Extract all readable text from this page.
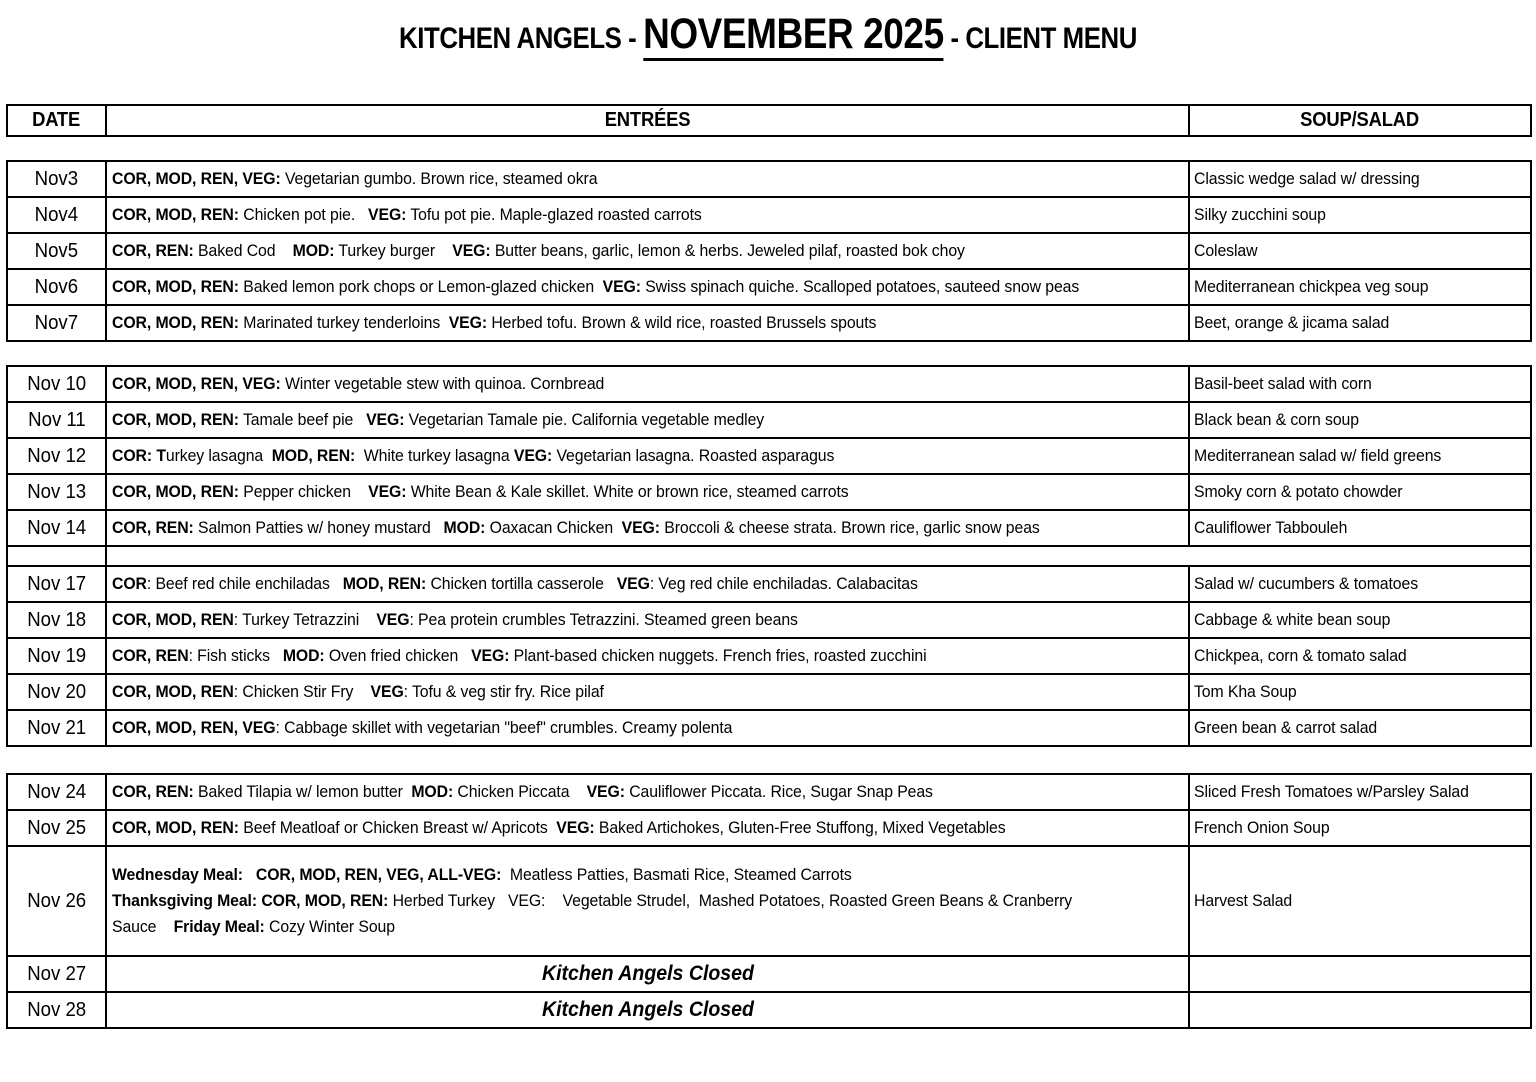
KITCHEN ANGELS - NOVEMBER 2025 - CLIENT MENU
DATE	ENTRÉES	SOUP/SALAD
Nov3	COR, MOD, REN, VEG: Vegetarian gumbo. Brown rice, steamed okra	Classic wedge salad w/ dressing
Nov4	COR, MOD, REN: Chicken pot pie.   VEG: Tofu pot pie. Maple-glazed roasted carrots	Silky zucchini soup
Nov5	COR, REN: Baked Cod    MOD: Turkey burger    VEG: Butter beans, garlic, lemon & herbs. Jeweled pilaf, roasted bok choy	Coleslaw
Nov6	COR, MOD, REN: Baked lemon pork chops or Lemon-glazed chicken  VEG: Swiss spinach quiche. Scalloped potatoes, sauteed snow peas	Mediterranean chickpea veg soup
Nov7	COR, MOD, REN: Marinated turkey tenderloins  VEG: Herbed tofu. Brown & wild rice, roasted Brussels spouts	Beet, orange & jicama salad
Nov 10	COR, MOD, REN, VEG: Winter vegetable stew with quinoa. Cornbread	Basil-beet salad with corn
Nov 11	COR, MOD, REN: Tamale beef pie   VEG: Vegetarian Tamale pie. California vegetable medley	Black bean & corn soup
Nov 12	COR: Turkey lasagna  MOD, REN:  White turkey lasagna VEG: Vegetarian lasagna. Roasted asparagus	Mediterranean salad w/ field greens
Nov 13	COR, MOD, REN: Pepper chicken    VEG: White Bean & Kale skillet. White or brown rice, steamed carrots	Smoky corn & potato chowder
Nov 14	COR, REN: Salmon Patties w/ honey mustard   MOD: Oaxacan Chicken  VEG: Broccoli & cheese strata. Brown rice, garlic snow peas	Cauliflower Tabbouleh

Nov 17	COR: Beef red chile enchiladas   MOD, REN: Chicken tortilla casserole   VEG: Veg red chile enchiladas. Calabacitas	Salad w/ cucumbers & tomatoes
Nov 18	COR, MOD, REN: Turkey Tetrazzini    VEG: Pea protein crumbles Tetrazzini. Steamed green beans	Cabbage & white bean soup
Nov 19	COR, REN: Fish sticks   MOD: Oven fried chicken   VEG: Plant-based chicken nuggets. French fries, roasted zucchini	Chickpea, corn & tomato salad
Nov 20	COR, MOD, REN: Chicken Stir Fry    VEG: Tofu & veg stir fry. Rice pilaf	Tom Kha Soup
Nov 21	COR, MOD, REN, VEG: Cabbage skillet with vegetarian "beef" crumbles. Creamy polenta	Green bean & carrot salad
Nov 24	COR, REN: Baked Tilapia w/ lemon butter  MOD: Chicken Piccata    VEG: Cauliflower Piccata. Rice, Sugar Snap Peas	Sliced Fresh Tomatoes w/Parsley Salad
Nov 25	COR, MOD, REN: Beef Meatloaf or Chicken Breast w/ Apricots  VEG: Baked Artichokes, Gluten-Free Stuffong, Mixed Vegetables	French Onion Soup
Nov 26	Wednesday Meal: COR, MOD, REN, VEG, ALL-VEG:  Meatless Patties, Basmati Rice, Steamed Carrots
Thanksgiving Meal: COR, MOD, REN: Herbed Turkey   VEG:    Vegetable Strudel,  Mashed Potatoes, Roasted Green Beans & Cranberry
Sauce    Friday Meal: Cozy Winter Soup	Harvest Salad
Nov 27	Kitchen Angels Closed	
Nov 28	Kitchen Angels Closed	
